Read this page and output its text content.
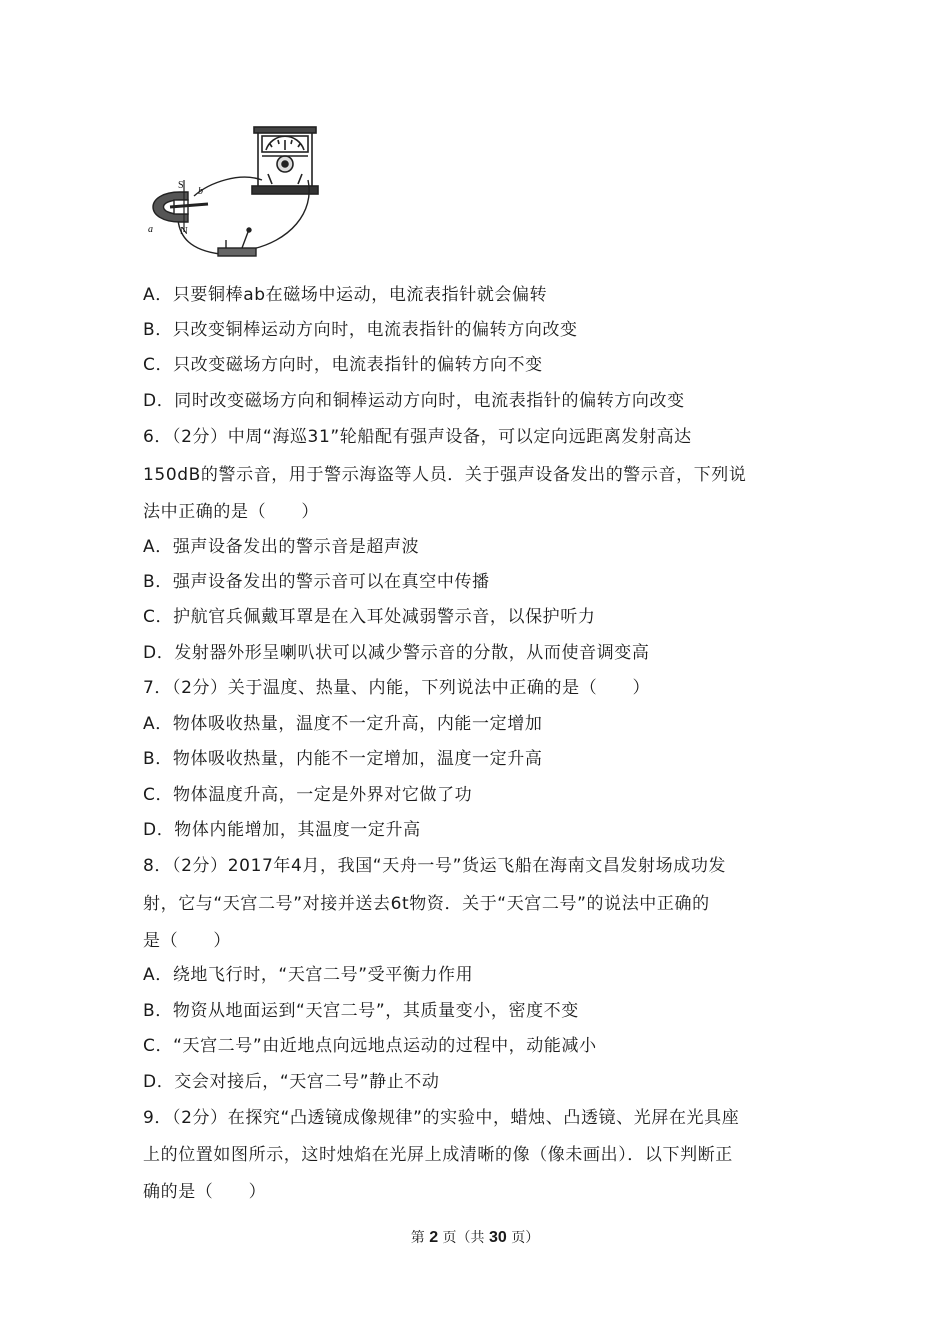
S
b
N
a
A．只要铜棒ab在磁场中运动，电流表指针就会偏转
B．只改变铜棒运动方向时，电流表指针的偏转方向改变
C．只改变磁场方向时，电流表指针的偏转方向不变
D．同时改变磁场方向和铜棒运动方向时，电流表指针的偏转方向改变
6．（2分）中周“海巡31”轮船配有强声设备，可以定向远距离发射高达
150dB的警示音，用于警示海盗等人员．关于强声设备发出的警示音，下列说
法中正确的是（　　）
A．强声设备发出的警示音是超声波
B．强声设备发出的警示音可以在真空中传播
C．护航官兵佩戴耳罩是在入耳处减弱警示音，以保护听力
D．发射器外形呈喇叭状可以减少警示音的分散，从而使音调变高
7．（2分）关于温度、热量、内能，下列说法中正确的是（　　）
A．物体吸收热量，温度不一定升高，内能一定增加
B．物体吸收热量，内能不一定增加，温度一定升高
C．物体温度升高，一定是外界对它做了功
D．物体内能增加，其温度一定升高
8．（2分）2017年4月，我国“天舟一号”货运飞船在海南文昌发射场成功发
射，它与“天宫二号”对接并送去6t物资．关于“天宫二号”的说法中正确的
是（　　）
A．绕地飞行时，“天宫二号”受平衡力作用
B．物资从地面运到“天宫二号”，其质量变小，密度不变
C．“天宫二号”由近地点向远地点运动的过程中，动能减小
D．交会对接后，“天宫二号”静止不动
9．（2分）在探究“凸透镜成像规律”的实验中，蜡烛、凸透镜、光屏在光具座
上的位置如图所示，这时烛焰在光屏上成清晰的像（像未画出）．以下判断正
确的是（　　）
第 2 页（共 30 页）
